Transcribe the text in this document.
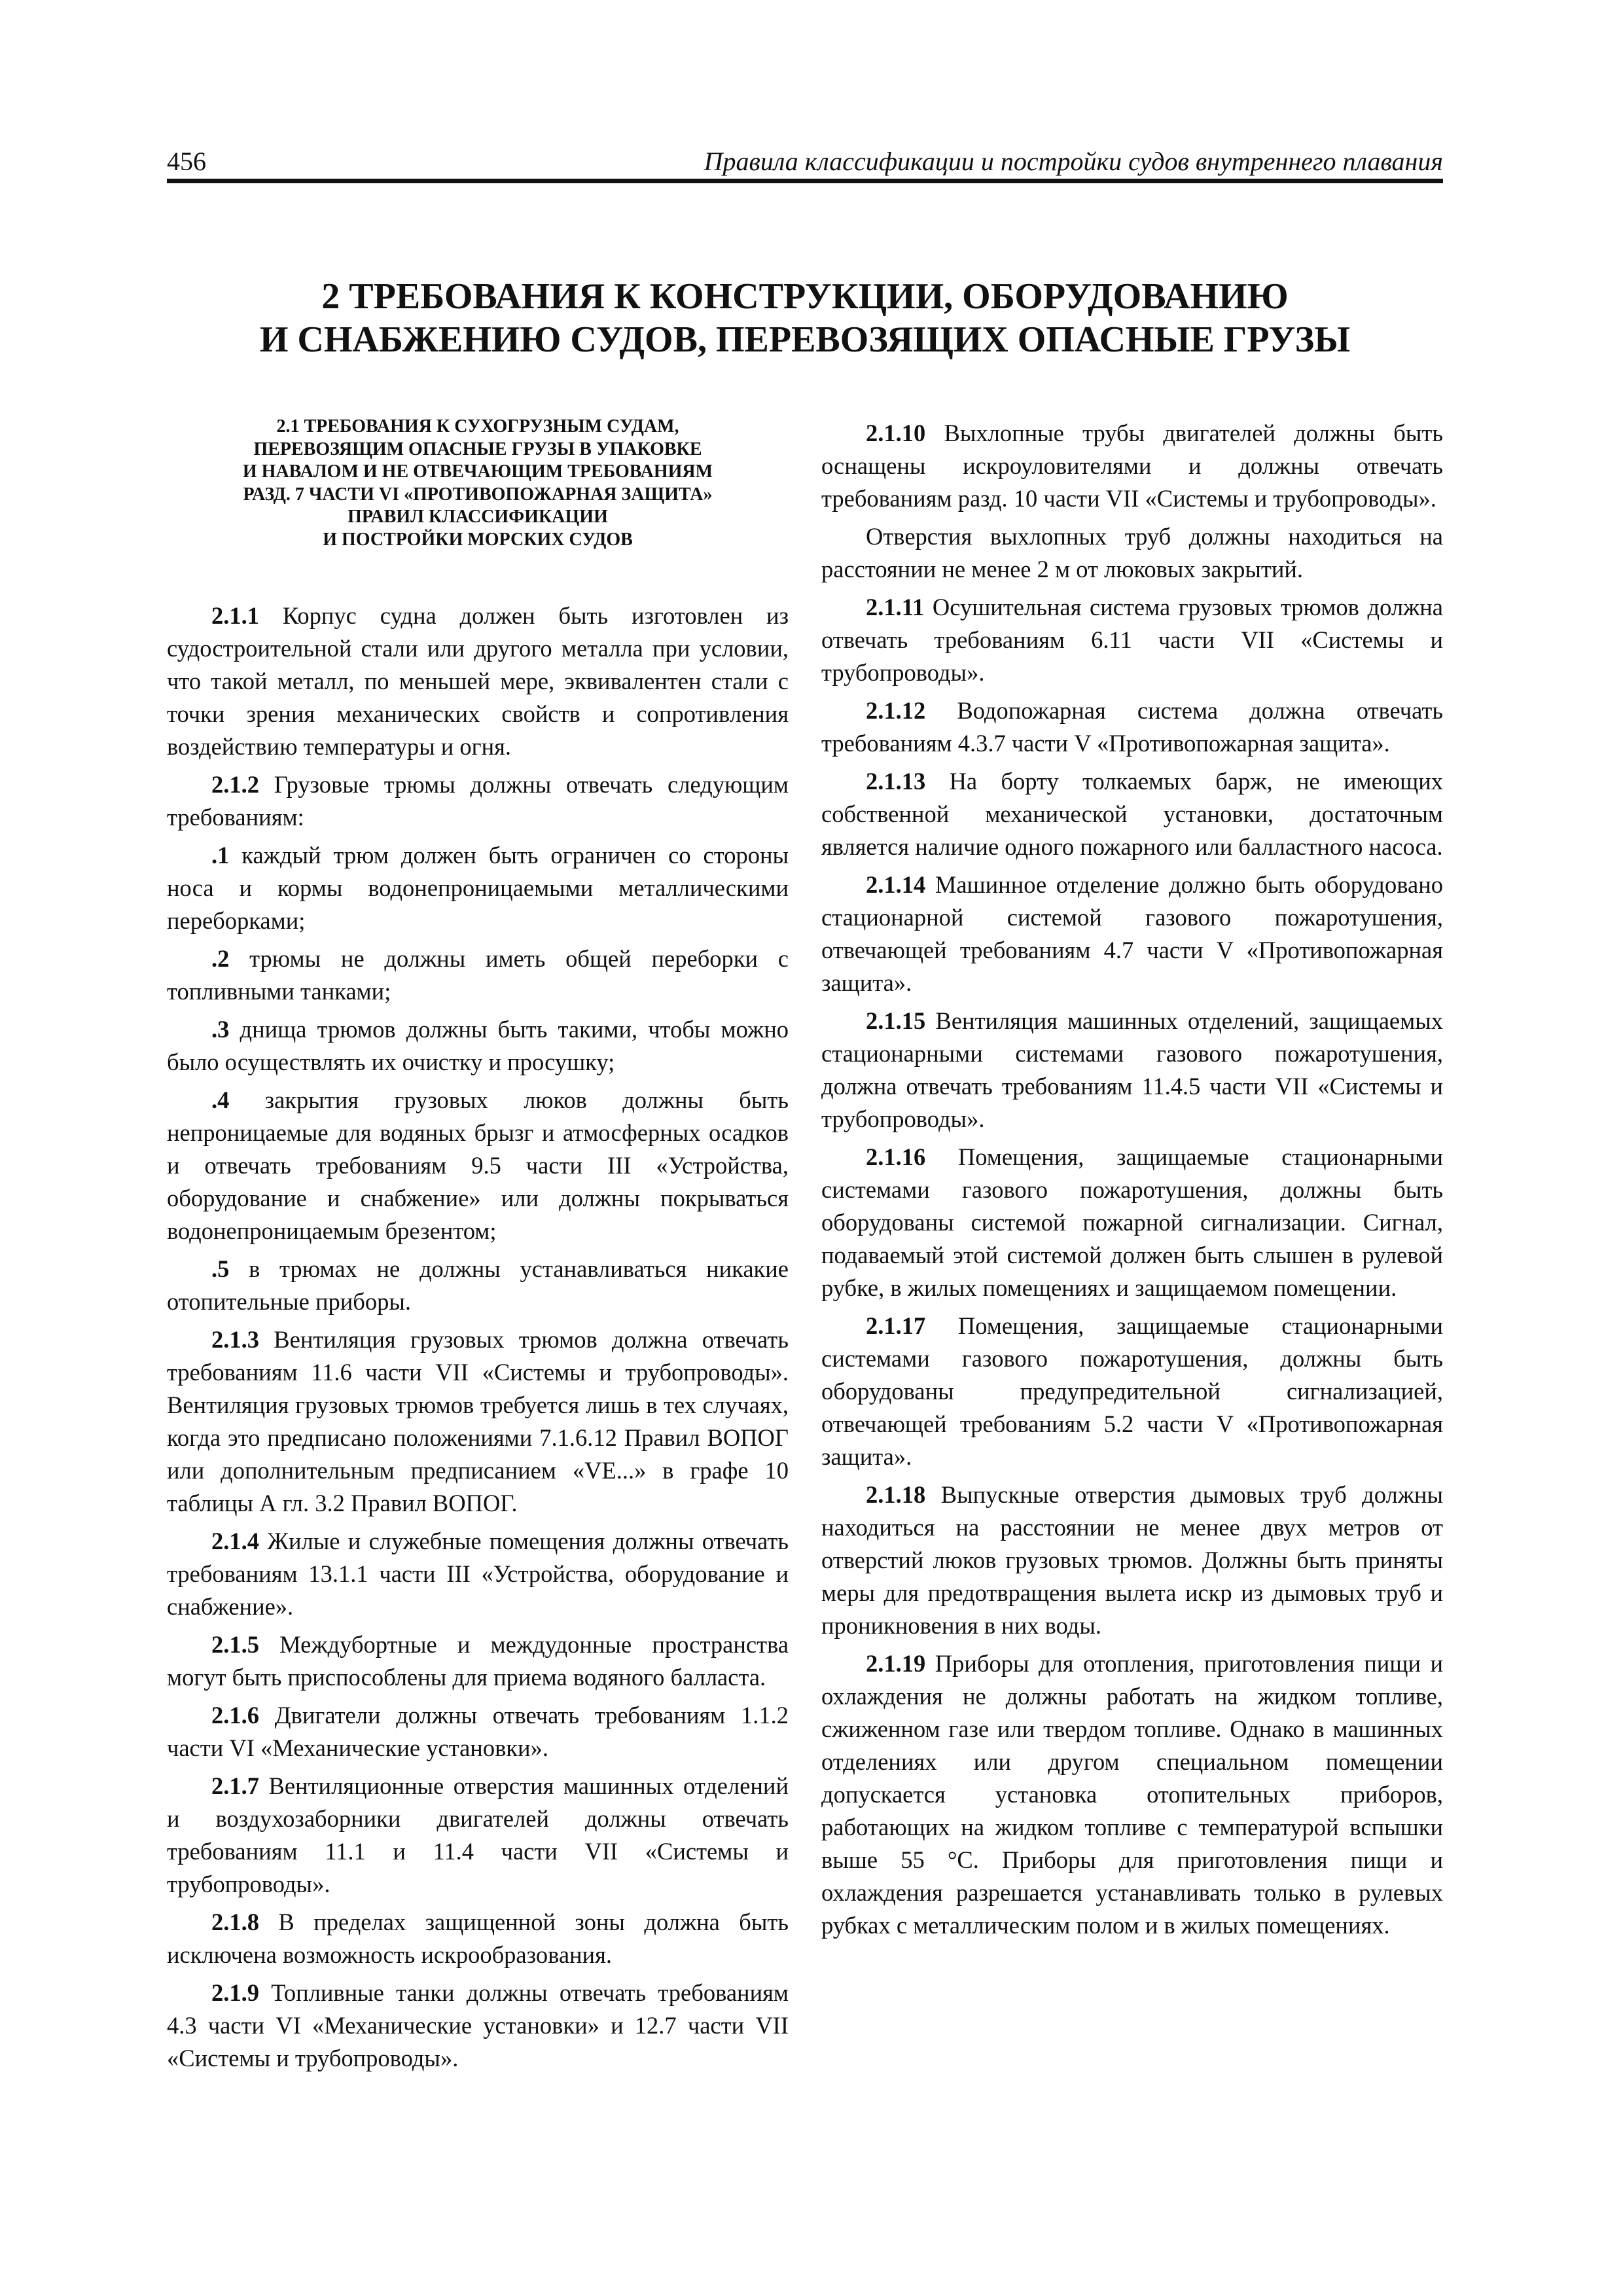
456	Правила классификации и постройки судов внутреннего плавания
2 ТРЕБОВАНИЯ К КОНСТРУКЦИИ, ОБОРУДОВАНИЮ
И СНАБЖЕНИЮ СУДОВ, ПЕРЕВОЗЯЩИХ ОПАСНЫЕ ГРУЗЫ
2.1 ТРЕБОВАНИЯ К СУХОГРУЗНЫМ СУДАМ,
ПЕРЕВОЗЯЩИМ ОПАСНЫЕ ГРУЗЫ В УПАКОВКЕ
И НАВАЛОМ И НЕ ОТВЕЧАЮЩИМ ТРЕБОВАНИЯМ
РАЗД. 7 ЧАСТИ VI «ПРОТИВОПОЖАРНАЯ ЗАЩИТА»
ПРАВИЛ КЛАССИФИКАЦИИ
И ПОСТРОЙКИ МОРСКИХ СУДОВ

2.1.1 Корпус судна должен быть изготовлен из судостроительной стали или другого металла при условии, что такой металл, по меньшей мере, эквивалентен стали с точки зрения механических свойств и сопротивления воздействию температуры и огня.

2.1.2 Грузовые трюмы должны отвечать следующим требованиям:

.1 каждый трюм должен быть ограничен со стороны носа и кормы водонепроницаемыми металлическими переборками;

.2 трюмы не должны иметь общей переборки с топливными танками;

.3 днища трюмов должны быть такими, чтобы можно было осуществлять их очистку и просушку;

.4 закрытия грузовых люков должны быть непроницаемые для водяных брызг и атмосферных осадков и отвечать требованиям 9.5 части III «Устройства, оборудование и снабжение» или должны покрываться водонепроницаемым брезентом;

.5 в трюмах не должны устанавливаться никакие отопительные приборы.

2.1.3 Вентиляция грузовых трюмов должна отвечать требованиям 11.6 части VII «Системы и трубопроводы». Вентиляция грузовых трюмов требуется лишь в тех случаях, когда это предписано положениями 7.1.6.12 Правил ВОПОГ или дополнительным предписанием «VE...» в графе 10 таблицы А гл. 3.2 Правил ВОПОГ.

2.1.4 Жилые и служебные помещения должны отвечать требованиям 13.1.1 части III «Устройства, оборудование и снабжение».

2.1.5 Междубортные и междудонные пространства могут быть приспособлены для приема водяного балласта.

2.1.6 Двигатели должны отвечать требованиям 1.1.2 части VI «Механические установки».

2.1.7 Вентиляционные отверстия машинных отделений и воздухозаборники двигателей должны отвечать требованиям 11.1 и 11.4 части VII «Системы и трубопроводы».

2.1.8 В пределах защищенной зоны должна быть исключена возможность искрообразования.

2.1.9 Топливные танки должны отвечать требованиям 4.3 части VI «Механические установки» и 12.7 части VII «Системы и трубопроводы».

2.1.10 Выхлопные трубы двигателей должны быть оснащены искроуловителями и должны отвечать требованиям разд. 10 части VII «Системы и трубопроводы».

Отверстия выхлопных труб должны находиться на расстоянии не менее 2 м от люковых закрытий.

2.1.11 Осушительная система грузовых трюмов должна отвечать требованиям 6.11 части VII «Системы и трубопроводы».

2.1.12 Водопожарная система должна отвечать требованиям 4.3.7 части V «Противопожарная защита».

2.1.13 На борту толкаемых барж, не имеющих собственной механической установки, достаточным является наличие одного пожарного или балластного насоса.

2.1.14 Машинное отделение должно быть оборудовано стационарной системой газового пожаротушения, отвечающей требованиям 4.7 части V «Противопожарная защита».

2.1.15 Вентиляция машинных отделений, защищаемых стационарными системами газового пожаротушения, должна отвечать требованиям 11.4.5 части VII «Системы и трубопроводы».

2.1.16 Помещения, защищаемые стационарными системами газового пожаротушения, должны быть оборудованы системой пожарной сигнализации. Сигнал, подаваемый этой системой должен быть слышен в рулевой рубке, в жилых помещениях и защищаемом помещении.

2.1.17 Помещения, защищаемые стационарными системами газового пожаротушения, должны быть оборудованы предупредительной сигнализацией, отвечающей требованиям 5.2 части V «Противопожарная защита».

2.1.18 Выпускные отверстия дымовых труб должны находиться на расстоянии не менее двух метров от отверстий люков грузовых трюмов. Должны быть приняты меры для предотвращения вылета искр из дымовых труб и проникновения в них воды.

2.1.19 Приборы для отопления, приготовления пищи и охлаждения не должны работать на жидком топливе, сжиженном газе или твердом топливе. Однако в машинных отделениях или другом специальном помещении допускается установка отопительных приборов, работающих на жидком топливе с температурой вспышки выше 55 °С. Приборы для приготовления пищи и охлаждения разрешается устанавливать только в рулевых рубках с металлическим полом и в жилых помещениях.
